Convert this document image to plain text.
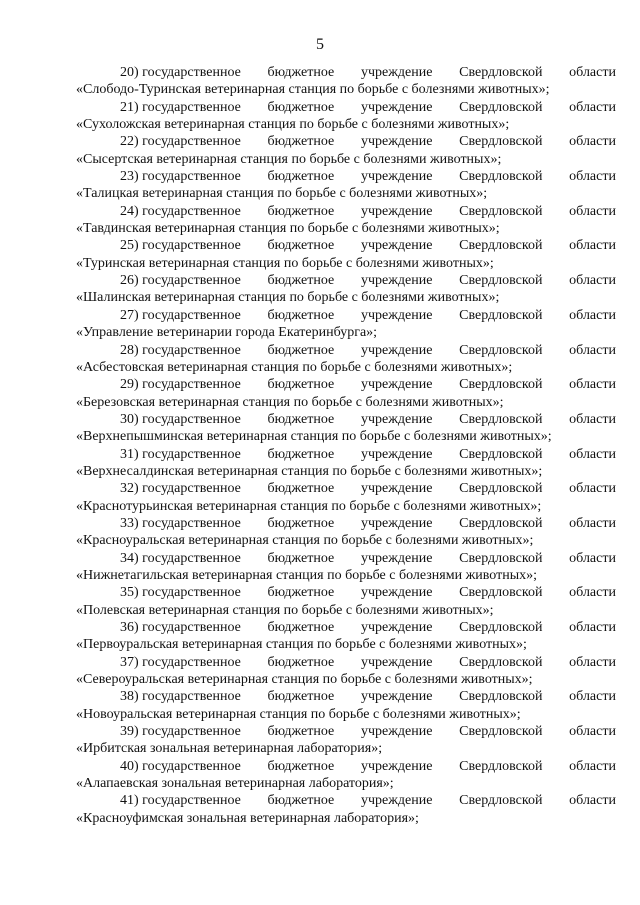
5
20) государственное бюджетное учреждение Свердловской области
«Слободо-Туринская ветеринарная станция по борьбе с болезнями животных»;
21) государственное бюджетное учреждение Свердловской области
«Сухоложская ветеринарная станция по борьбе с болезнями животных»;
22) государственное бюджетное учреждение Свердловской области
«Сысертская ветеринарная станция по борьбе с болезнями животных»;
23) государственное бюджетное учреждение Свердловской области
«Талицкая ветеринарная станция по борьбе с болезнями животных»;
24) государственное бюджетное учреждение Свердловской области
«Тавдинская ветеринарная станция по борьбе с болезнями животных»;
25) государственное бюджетное учреждение Свердловской области
«Туринская ветеринарная станция по борьбе с болезнями животных»;
26) государственное бюджетное учреждение Свердловской области
«Шалинская ветеринарная станция по борьбе с болезнями животных»;
27) государственное бюджетное учреждение Свердловской области
«Управление ветеринарии города Екатеринбурга»;
28) государственное бюджетное учреждение Свердловской области
«Асбестовская ветеринарная станция по борьбе с болезнями животных»;
29) государственное бюджетное учреждение Свердловской области
«Березовская ветеринарная станция по борьбе с болезнями животных»;
30) государственное бюджетное учреждение Свердловской области
«Верхнепышминская ветеринарная станция по борьбе с болезнями животных»;
31) государственное бюджетное учреждение Свердловской области
«Верхнесалдинская ветеринарная станция по борьбе с болезнями животных»;
32) государственное бюджетное учреждение Свердловской области
«Краснотурьинская ветеринарная станция по борьбе с болезнями животных»;
33) государственное бюджетное учреждение Свердловской области
«Красноуральская ветеринарная станция по борьбе с болезнями животных»;
34) государственное бюджетное учреждение Свердловской области
«Нижнетагильская ветеринарная станция по борьбе с болезнями животных»;
35) государственное бюджетное учреждение Свердловской области
«Полевская ветеринарная станция по борьбе с болезнями животных»;
36) государственное бюджетное учреждение Свердловской области
«Первоуральская ветеринарная станция по борьбе с болезнями животных»;
37) государственное бюджетное учреждение Свердловской области
«Североуральская ветеринарная станция по борьбе с болезнями животных»;
38) государственное бюджетное учреждение Свердловской области
«Новоуральская ветеринарная станция по борьбе с болезнями животных»;
39) государственное бюджетное учреждение Свердловской области
«Ирбитская зональная ветеринарная лаборатория»;
40) государственное бюджетное учреждение Свердловской области
«Алапаевская зональная ветеринарная лаборатория»;
41) государственное бюджетное учреждение Свердловской области
«Красноуфимская зональная ветеринарная лаборатория»;
